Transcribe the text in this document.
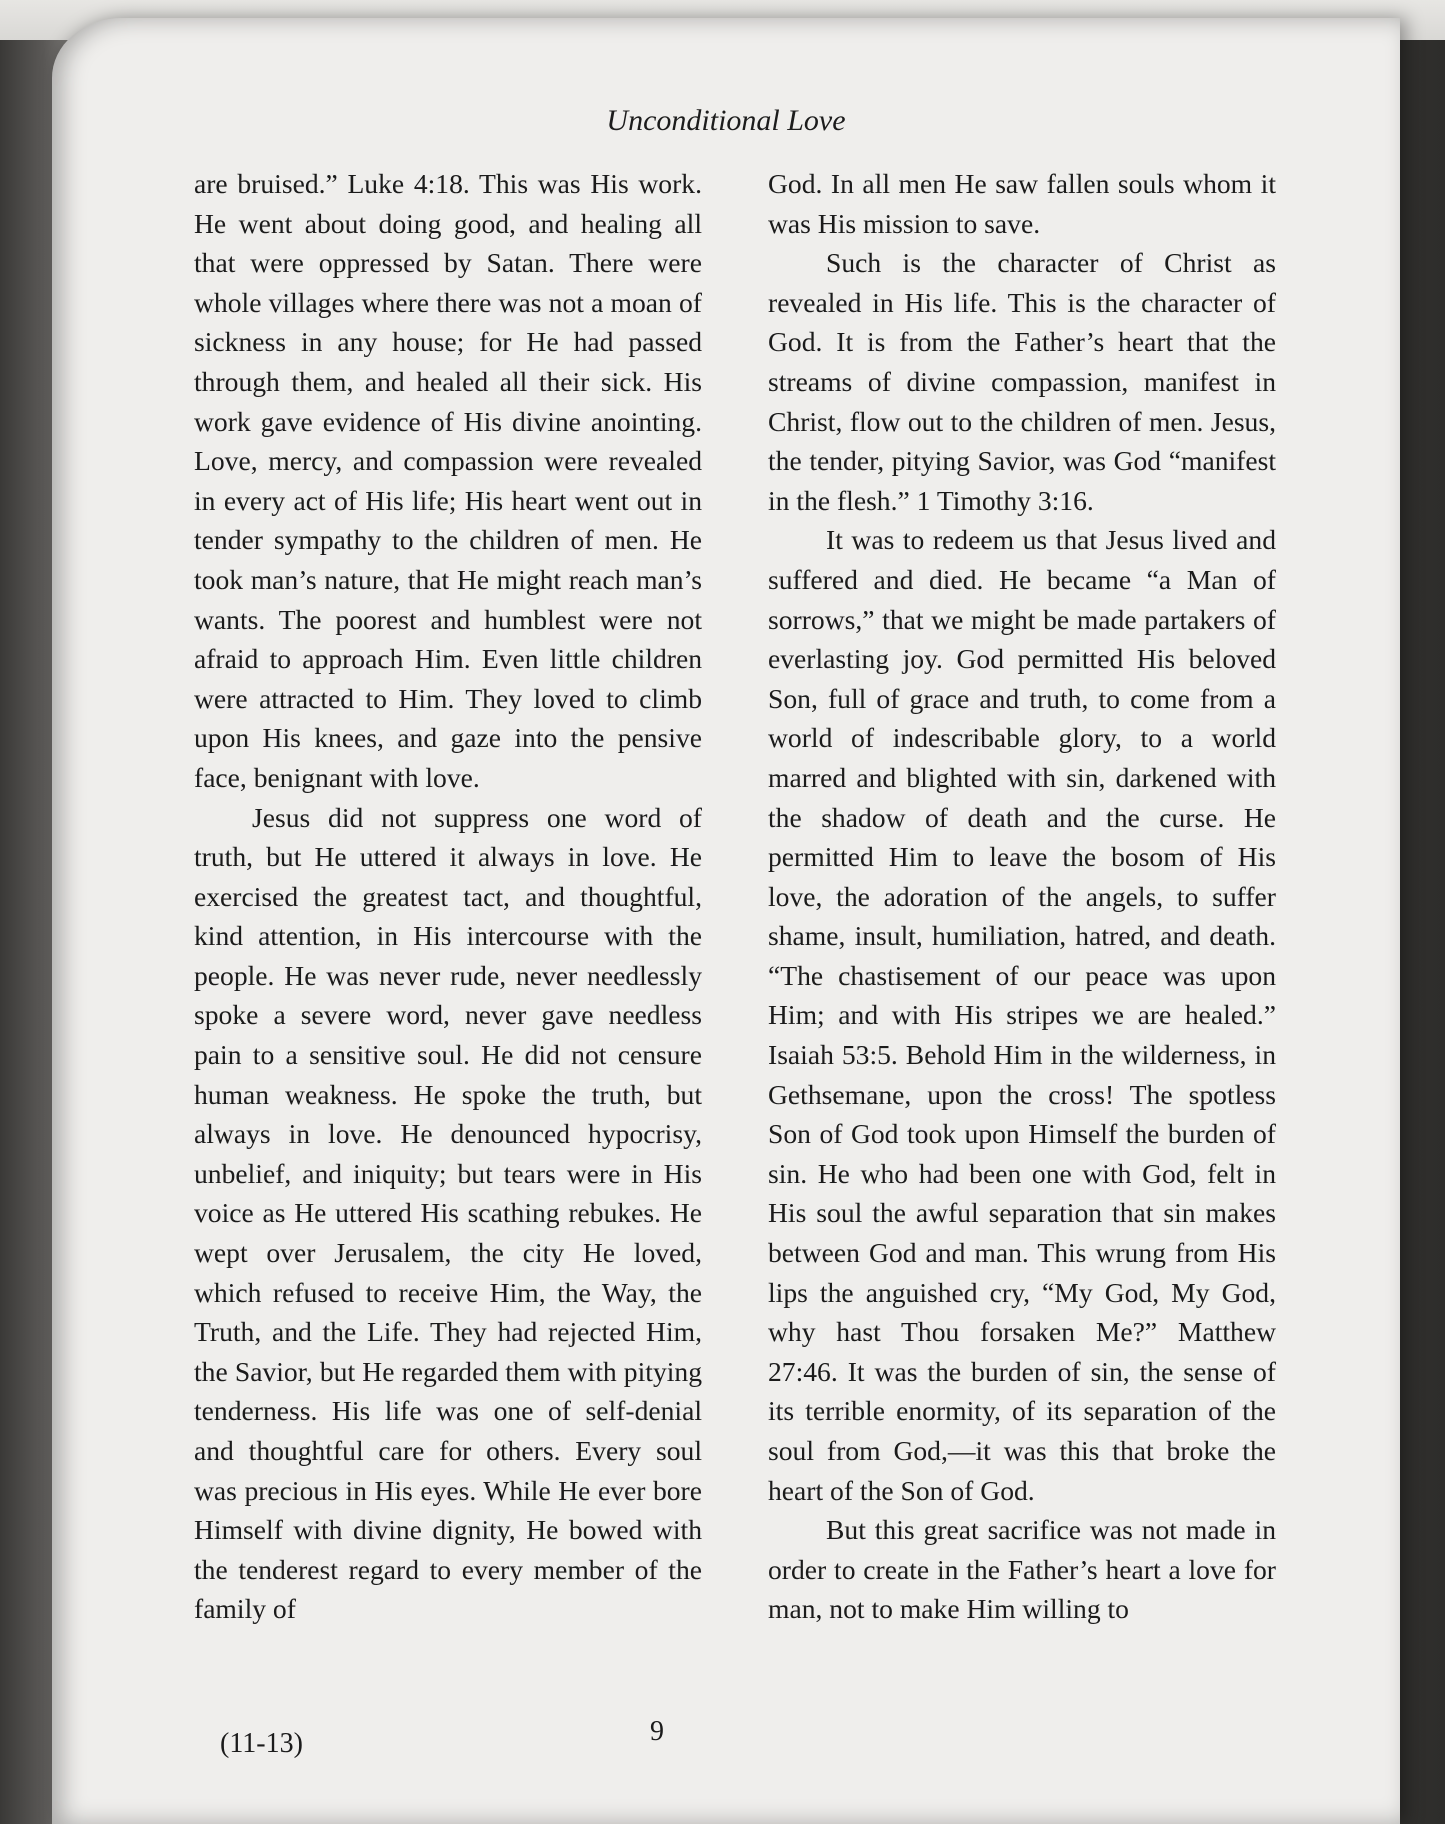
Unconditional Love

are bruised.” Luke 4:18. This was His work. He went about doing good, and healing all that were oppressed by Satan. There were whole villages where there was not a moan of sickness in any house; for He had passed through them, and healed all their sick. His work gave evidence of His divine anointing. Love, mercy, and compassion were revealed in every act of His life; His heart went out in tender sympathy to the children of men. He took man’s nature, that He might reach man’s wants. The poorest and humblest were not afraid to approach Him. Even little children were attracted to Him. They loved to climb upon His knees, and gaze into the pensive face, benignant with love.

Jesus did not suppress one word of truth, but He uttered it always in love. He exercised the greatest tact, and thoughtful, kind attention, in His intercourse with the people. He was never rude, never needlessly spoke a severe word, never gave needless pain to a sensitive soul. He did not censure human weakness. He spoke the truth, but always in love. He denounced hypocrisy, unbelief, and iniquity; but tears were in His voice as He uttered His scathing rebukes. He wept over Jerusalem, the city He loved, which refused to receive Him, the Way, the Truth, and the Life. They had rejected Him, the Savior, but He regarded them with pitying tenderness. His life was one of self-denial and thoughtful care for others. Every soul was precious in His eyes. While He ever bore Himself with divine dignity, He bowed with the tenderest regard to every member of the family of

God. In all men He saw fallen souls whom it was His mission to save.

Such is the character of Christ as revealed in His life. This is the character of God. It is from the Father’s heart that the streams of divine compassion, manifest in Christ, flow out to the children of men. Jesus, the tender, pitying Savior, was God “manifest in the flesh.” 1 Timothy 3:16.

It was to redeem us that Jesus lived and suffered and died. He became “a Man of sorrows,” that we might be made partakers of everlasting joy. God permitted His beloved Son, full of grace and truth, to come from a world of indescribable glory, to a world marred and blighted with sin, darkened with the shadow of death and the curse. He permitted Him to leave the bosom of His love, the adoration of the angels, to suffer shame, insult, humiliation, hatred, and death. “The chastisement of our peace was upon Him; and with His stripes we are healed.” Isaiah 53:5. Behold Him in the wilderness, in Gethsemane, upon the cross! The spotless Son of God took upon Himself the burden of sin. He who had been one with God, felt in His soul the awful separation that sin makes between God and man. This wrung from His lips the anguished cry, “My God, My God, why hast Thou forsaken Me?” Matthew 27:46. It was the burden of sin, the sense of its terrible enormity, of its separation of the soul from God,—it was this that broke the heart of the Son of God.

But this great sacrifice was not made in order to create in the Father’s heart a love for man, not to make Him willing to

(11-13)	9
